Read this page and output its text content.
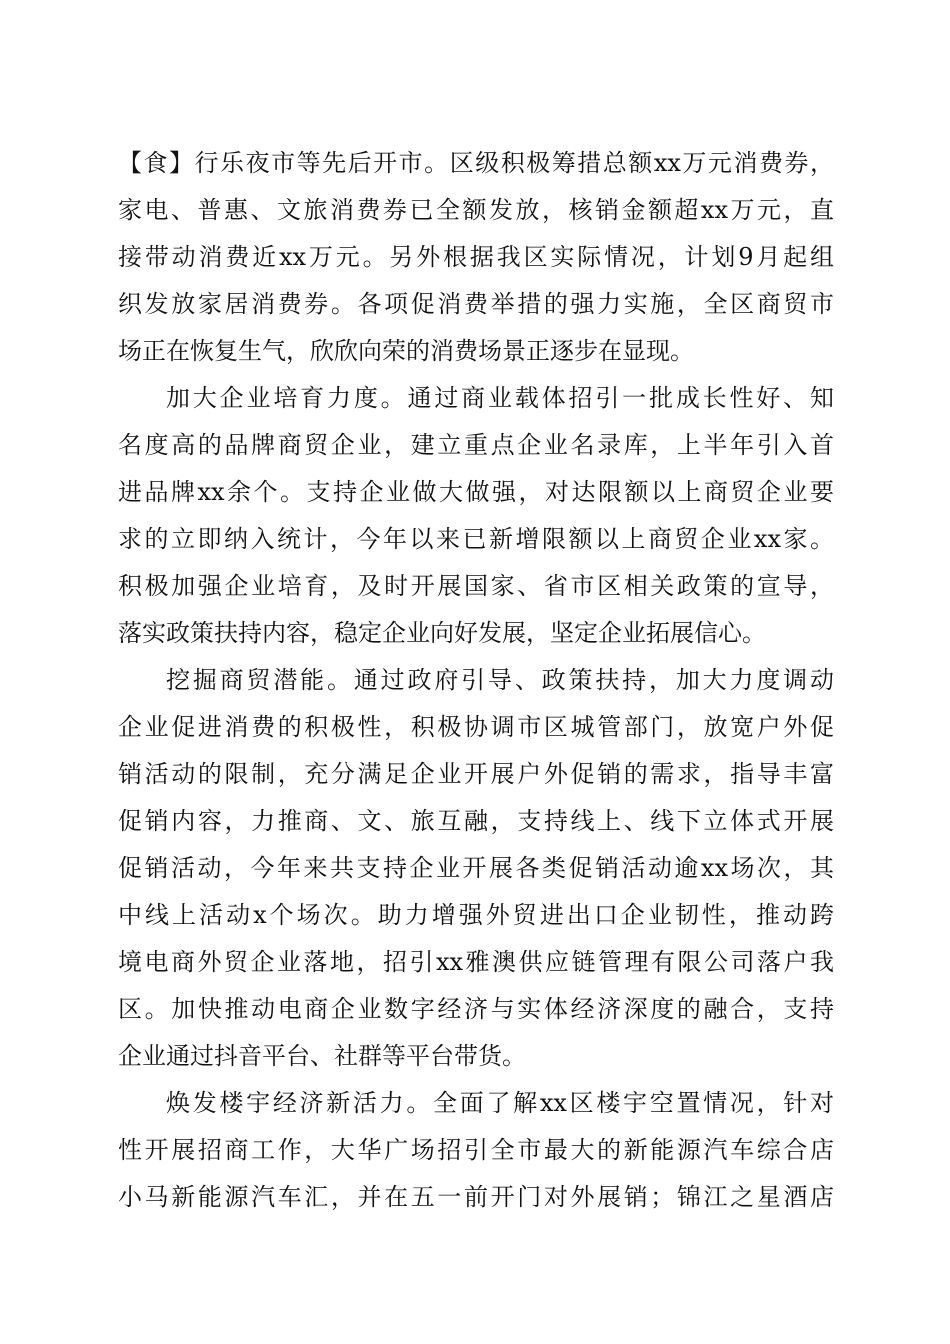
【食】行乐夜市等先后开市。区级积极筹措总额xx万元消费券，
家电、普惠、文旅消费券已全额发放，核销金额超xx万元，直
接带动消费近xx万元。另外根据我区实际情况，计划9月起组
织发放家居消费券。各项促消费举措的强力实施，全区商贸市
场正在恢复生气，欣欣向荣的消费场景正逐步在显现。
加大企业培育力度。通过商业载体招引一批成长性好、知
名度高的品牌商贸企业，建立重点企业名录库，上半年引入首
进品牌xx余个。支持企业做大做强，对达限额以上商贸企业要
求的立即纳入统计，今年以来已新增限额以上商贸企业xx家。
积极加强企业培育，及时开展国家、省市区相关政策的宣导，
落实政策扶持内容，稳定企业向好发展，坚定企业拓展信心。
挖掘商贸潜能。通过政府引导、政策扶持，加大力度调动
企业促进消费的积极性，积极协调市区城管部门，放宽户外促
销活动的限制，充分满足企业开展户外促销的需求，指导丰富
促销内容，力推商、文、旅互融，支持线上、线下立体式开展
促销活动，今年来共支持企业开展各类促销活动逾xx场次，其
中线上活动x个场次。助力增强外贸进出口企业韧性，推动跨
境电商外贸企业落地，招引xx雅澳供应链管理有限公司落户我
区。加快推动电商企业数字经济与实体经济深度的融合，支持
企业通过抖音平台、社群等平台带货。
焕发楼宇经济新活力。全面了解xx区楼宇空置情况，针对
性开展招商工作，大华广场招引全市最大的新能源汽车综合店
小马新能源汽车汇，并在五一前开门对外展销；锦江之星酒店
